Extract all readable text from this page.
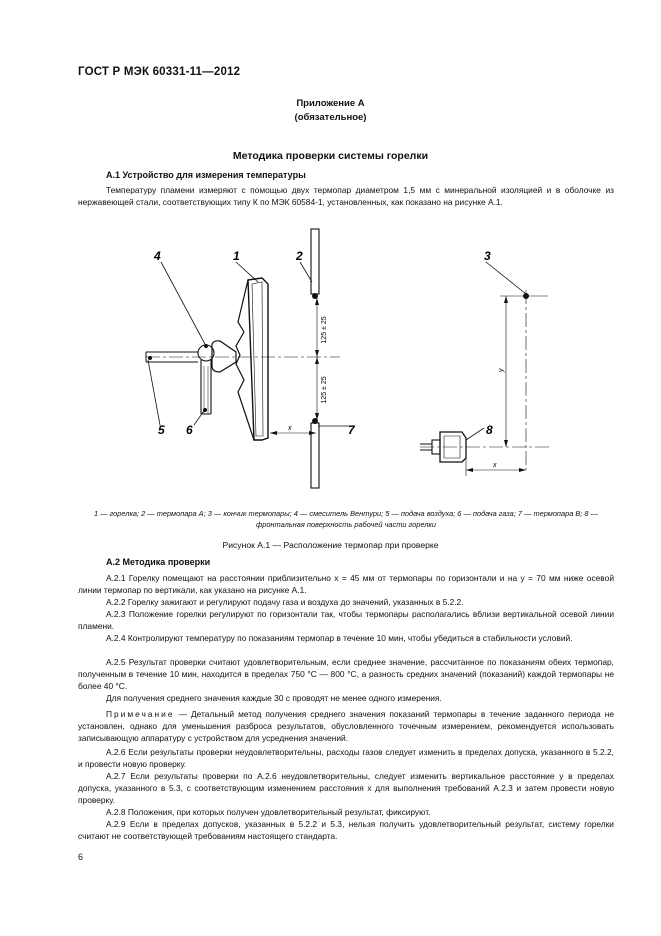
ГОСТ Р МЭК 60331-11—2012
Приложение А
(обязательное)
Методика проверки системы горелки
А.1 Устройство для измерения температуры

Температуру пламени измеряют с помощью двух термопар диаметром 1,5 мм с минеральной изоляцией и в оболочке из нержавеющей стали, соответствующих типу К по МЭК 60584-1, установленных, как показано на рисунке А.1.

4	1	2	3
5 6	7	8
125 ± 25
125 ± 25
x
y
x

1 — горелка; 2 — термопара А; 3 — кончик термопары; 4 — смеситель Вентури; 5 — подача воздуха; 6 — подача газа; 7 — термопара В; 8 — фронтальная поверхность рабочей части горелки

Рисунок А.1 — Расположение термопар при проверке
А.2 Методика проверки

А.2.1 Горелку помещают на расстоянии приблизительно x = 45 мм от термопары по горизонтали и на y = 70 мм ниже осевой линии термопар по вертикали, как указано на рисунке А.1.

А.2.2 Горелку зажигают и регулируют подачу газа и воздуха до значений, указанных в 5.2.2.

А.2.3 Положение горелки регулируют по горизонтали так, чтобы термопары располагались вблизи вертикальной осевой линии пламени.

А.2.4 Контролируют температуру по показаниям термопар в течение 10 мин, чтобы убедиться в стабильности условий.

А.2.5 Результат проверки считают удовлетворительным, если среднее значение, рассчитанное по показаниям обеих термопар, полученным в течение 10 мин, находится в пределах 750 °С — 800 °С, а разность средних значений (показаний) каждой термопары не более 40 °С.

Для получения среднего значения каждые 30 с проводят не менее одного измерения.

Примечание — Детальный метод получения среднего значения показаний термопары в течение заданного периода не установлен, однако для уменьшения разброса результатов, обусловленного точечным измерением, рекомендуется использовать записывающую аппаратуру с устройством для усреднения значений.

А.2.6 Если результаты проверки неудовлетворительны, расходы газов следует изменить в пределах допуска, указанного в 5.2.2, и провести новую проверку.

А.2.7 Если результаты проверки по А.2.6 неудовлетворительны, следует изменить вертикальное расстояние y в пределах допуска, указанного в 5.3, с соответствующим изменением расстояния x для выполнения требований А.2.3 и затем провести новую проверку.

А.2.8 Положения, при которых получен удовлетворительный результат, фиксируют.

А.2.9 Если в пределах допусков, указанных в 5.2.2 и 5.3, нельзя получить удовлетворительный результат, систему горелки считают не соответствующей требованиям настоящего стандарта.

6
